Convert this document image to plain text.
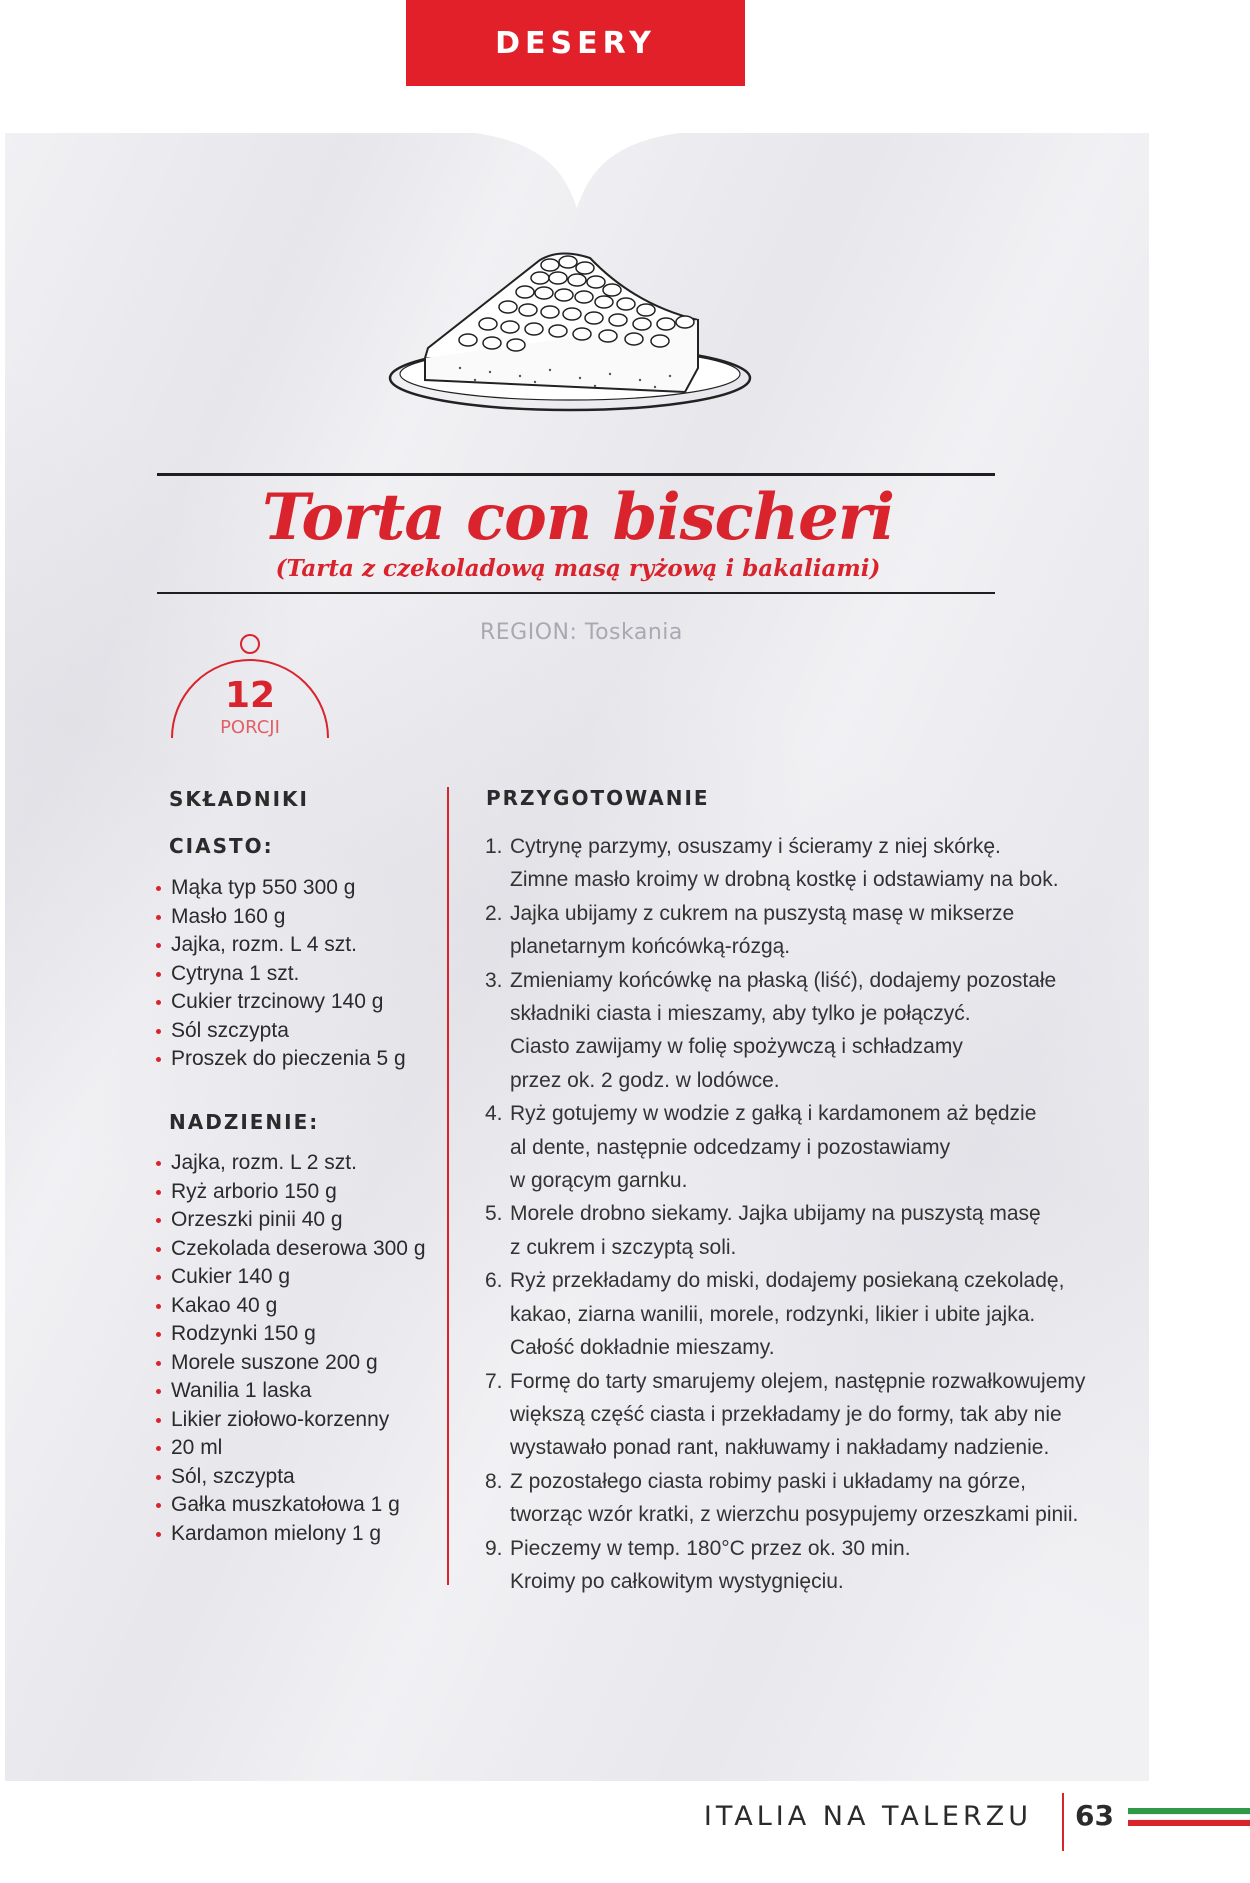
DESERY
Torta con bischeri
(Tarta z czekoladową masą ryżową i bakaliami)
REGION: Toskania
12
PORCJI
SKŁADNIKI
CIASTO:
Mąka typ 550 300 g
Masło 160 g
Jajka, rozm. L 4 szt.
Cytryna 1 szt.
Cukier trzcinowy 140 g
Sól szczypta
Proszek do pieczenia 5 g
NADZIENIE:
Jajka, rozm. L 2 szt.
Ryż arborio 150 g
Orzeszki pinii 40 g
Czekolada deserowa 300 g
Cukier 140 g
Kakao 40 g
Rodzynki 150 g
Morele suszone 200 g
Wanilia 1 laska
Likier ziołowo-korzenny
20 ml
Sól, szczypta
Gałka muszkatołowa 1 g
Kardamon mielony 1 g
PRZYGOTOWANIE
1. Cytrynę parzymy, osuszamy i ścieramy z niej skórkę.
Zimne masło kroimy w drobną kostkę i odstawiamy na bok.
2. Jajka ubijamy z cukrem na puszystą masę w mikserze
planetarnym końcówką-rózgą.
3. Zmieniamy końcówkę na płaską (liść), dodajemy pozostałe
składniki ciasta i mieszamy, aby tylko je połączyć.
Ciasto zawijamy w folię spożywczą i schładzamy
przez ok. 2 godz. w lodówce.
4. Ryż gotujemy w wodzie z gałką i kardamonem aż będzie
al dente, następnie odcedzamy i pozostawiamy
w gorącym garnku.
5. Morele drobno siekamy. Jajka ubijamy na puszystą masę
z cukrem i szczyptą soli.
6. Ryż przekładamy do miski, dodajemy posiekaną czekoladę,
kakao, ziarna wanilii, morele, rodzynki, likier i ubite jajka.
Całość dokładnie mieszamy.
7. Formę do tarty smarujemy olejem, następnie rozwałkowujemy
większą część ciasta i przekładamy je do formy, tak aby nie
wystawało ponad rant, nakłuwamy i nakładamy nadzienie.
8. Z pozostałego ciasta robimy paski i układamy na górze,
tworząc wzór kratki, z wierzchu posypujemy orzeszkami pinii.
9. Pieczemy w temp. 180°C przez ok. 30 min.
Kroimy po całkowitym wystygnięciu.
ITALIA NA TALERZU 63
